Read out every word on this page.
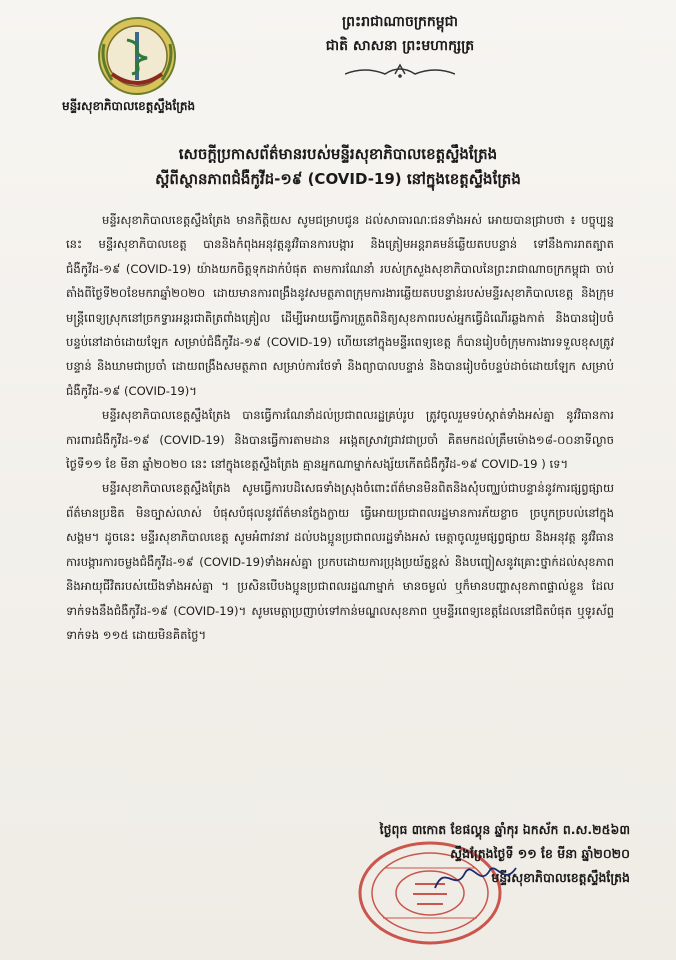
មន្ទីរសុខាភិបាលខេត្តស្ទឹងត្រែង
ព្រះរាជាណាចក្រកម្ពុជា
ជាតិ សាសនា ព្រះមហាក្សត្រ
សេចក្តីប្រកាសព័ត៌មានរបស់មន្ទីរសុខាភិបាលខេត្តស្ទឹងត្រែង
ស្តីពីស្ថានភាពជំងឺកូវីដ-១៩ (COVID-19) នៅក្នុងខេត្តស្ទឹងត្រែង

មន្ទីរសុខាភិបាលខេត្តស្ទឹងត្រែង មានកិត្តិយស សូមជម្រាបជូន ដល់សាធារណៈជនទាំងអស់ អោយបានជ្រាបថា ៖ បច្ចុប្បន្ននេះ មន្ទីរសុខាភិបាលខេត្ត បាននិងកំពុងអនុវត្តនូវវិធានការបង្ការ និងត្រៀមអន្តរាគមន៍ឆ្លើយតបបន្ទាន់ ទៅនឹងការរាតត្បាតជំងឺកូវីដ-១៩ (COVID-19) យ៉ាងយកចិត្តទុកដាក់បំផុត តាមការណែនាំ របស់ក្រសួងសុខាភិបាលនៃព្រះរាជាណាចក្រកម្ពុជា ចាប់តាំងពីថ្ងៃទី២០ខែមករាឆ្នាំ២០២០ ដោយមានការពង្រឹងនូវសមត្ថភាពក្រុមការងារឆ្លើយតបបន្ទាន់របស់មន្ទីរសុខាភិបាលខេត្ត និងក្រុមមន្ត្រីពេទ្យស្រុកនៅច្រកទ្វារអន្តរជាតិត្រពាំងគ្រៀល ដើម្បីអោយធ្វើការត្រួតពិនិត្យសុខភាពរបស់អ្នកធ្វើដំណើរឆ្លងកាត់ និងបានរៀបចំបន្ទប់នៅដាច់ដោយឡែក សម្រាប់ជំងឺកូវីដ-១៩ (COVID-19) ហើយនៅក្នុងមន្ទីរពេទ្យខេត្ត ក៏បានរៀបចំក្រុមការងារទទួលខុសត្រូវបន្ទាន់ និងឃាមជាប្រចាំ ដោយពង្រឹងសមត្ថភាព សម្រាប់ការថែទាំ និងព្យាបាលបន្ទាន់ និងបានរៀបចំបន្ទប់ដាច់ដោយឡែក សម្រាប់ជំងឺកូវីដ-១៩ (COVID-19)។

មន្ទីរសុខាភិបាលខេត្តស្ទឹងត្រែង បានធ្វើការណែនាំដល់ប្រជាពលរដ្ឋគ្រប់រូប ត្រូវចូលរួមទប់ស្កាត់ទាំងអស់គ្នា នូវវិធានការការពារជំងឺកូវីដ-១៩ (COVID-19) និងបានធ្វើការតាមដាន អង្កេតស្រាវជ្រាវជាប្រចាំ គិតមកដល់ត្រឹមម៉ោង១៨-០០នាទីល្ងាចថ្ងៃទី១១ ខែ មីនា ឆ្នាំ២០២០ នេះ នៅក្នុងខេត្តស្ទឹងត្រែង គ្មានអ្នកណាម្នាក់សង្ស័យកើតជំងឺកូវីដ-១៩ COVID-19 ) ទេ។

មន្ទីរសុខាភិបាលខេត្តស្ទឹងត្រែង សូមធ្វើការបដិសេធទាំងស្រុងចំពោះព័ត៌មានមិនពិតនិងសុំបញ្ឈប់ជាបន្ទាន់នូវការផ្សព្វផ្សាយព័ត៌មានប្រឌិត មិនច្បាស់លាស់ បំផុសបំផុលនូវព័ត៌មានក្លែងក្លាយ ធ្វើអោយប្រជាពលរដ្ឋមានការភ័យខ្លាច ច្របូកច្របល់នៅក្នុងសង្គម។ ដូចនេះ មន្ទីរសុខាភិបាលខេត្ត សូមអំពាវនាវ ដល់បងប្អូនប្រជាពលរដ្ឋទាំងអស់ មេត្តាចូលរួមផ្សព្វផ្សាយ និងអនុវត្ត នូវវិធានការបង្ការការចម្លងជំងឺកូវីដ-១៩ (COVID-19)ទាំងអស់គ្នា ប្រកបដោយការប្រុងប្រយ័ត្នខ្ពស់ និងបញ្ចៀសនូវគ្រោះថ្នាក់ដល់សុខភាព និងអាយុជីវិតរបស់យើងទាំងអស់គ្នា ។ ប្រសិនបើបងប្អូនប្រជាពលរដ្ឋណាម្នាក់ មានចម្ងល់ ឬក៏មានបញ្ហាសុខភាពផ្ទាល់ខ្លួន ដែលទាក់ទងនឹងជំងឺកូវីដ-១៩ (COVID-19)។ សូមមេត្តាប្រញាប់ទៅកាន់មណ្ឌលសុខភាព ឬមន្ទីរពេទ្យខេត្តដែលនៅជិតបំផុត ឬទូរស័ព្ទទាក់ទង ១១៥ ដោយមិនគិតថ្លៃ។

ថ្ងៃពុធ ៣កោត ខែផល្គុន ឆ្នាំកុរ ឯកស័ក ព.ស.២៥៦៣
ស្ទឹងត្រែងថ្ងៃទី ១១ ខែ មីនា ឆ្នាំ២០២០
មន្ទីរសុខាភិបាលខេត្តស្ទឹងត្រែង
